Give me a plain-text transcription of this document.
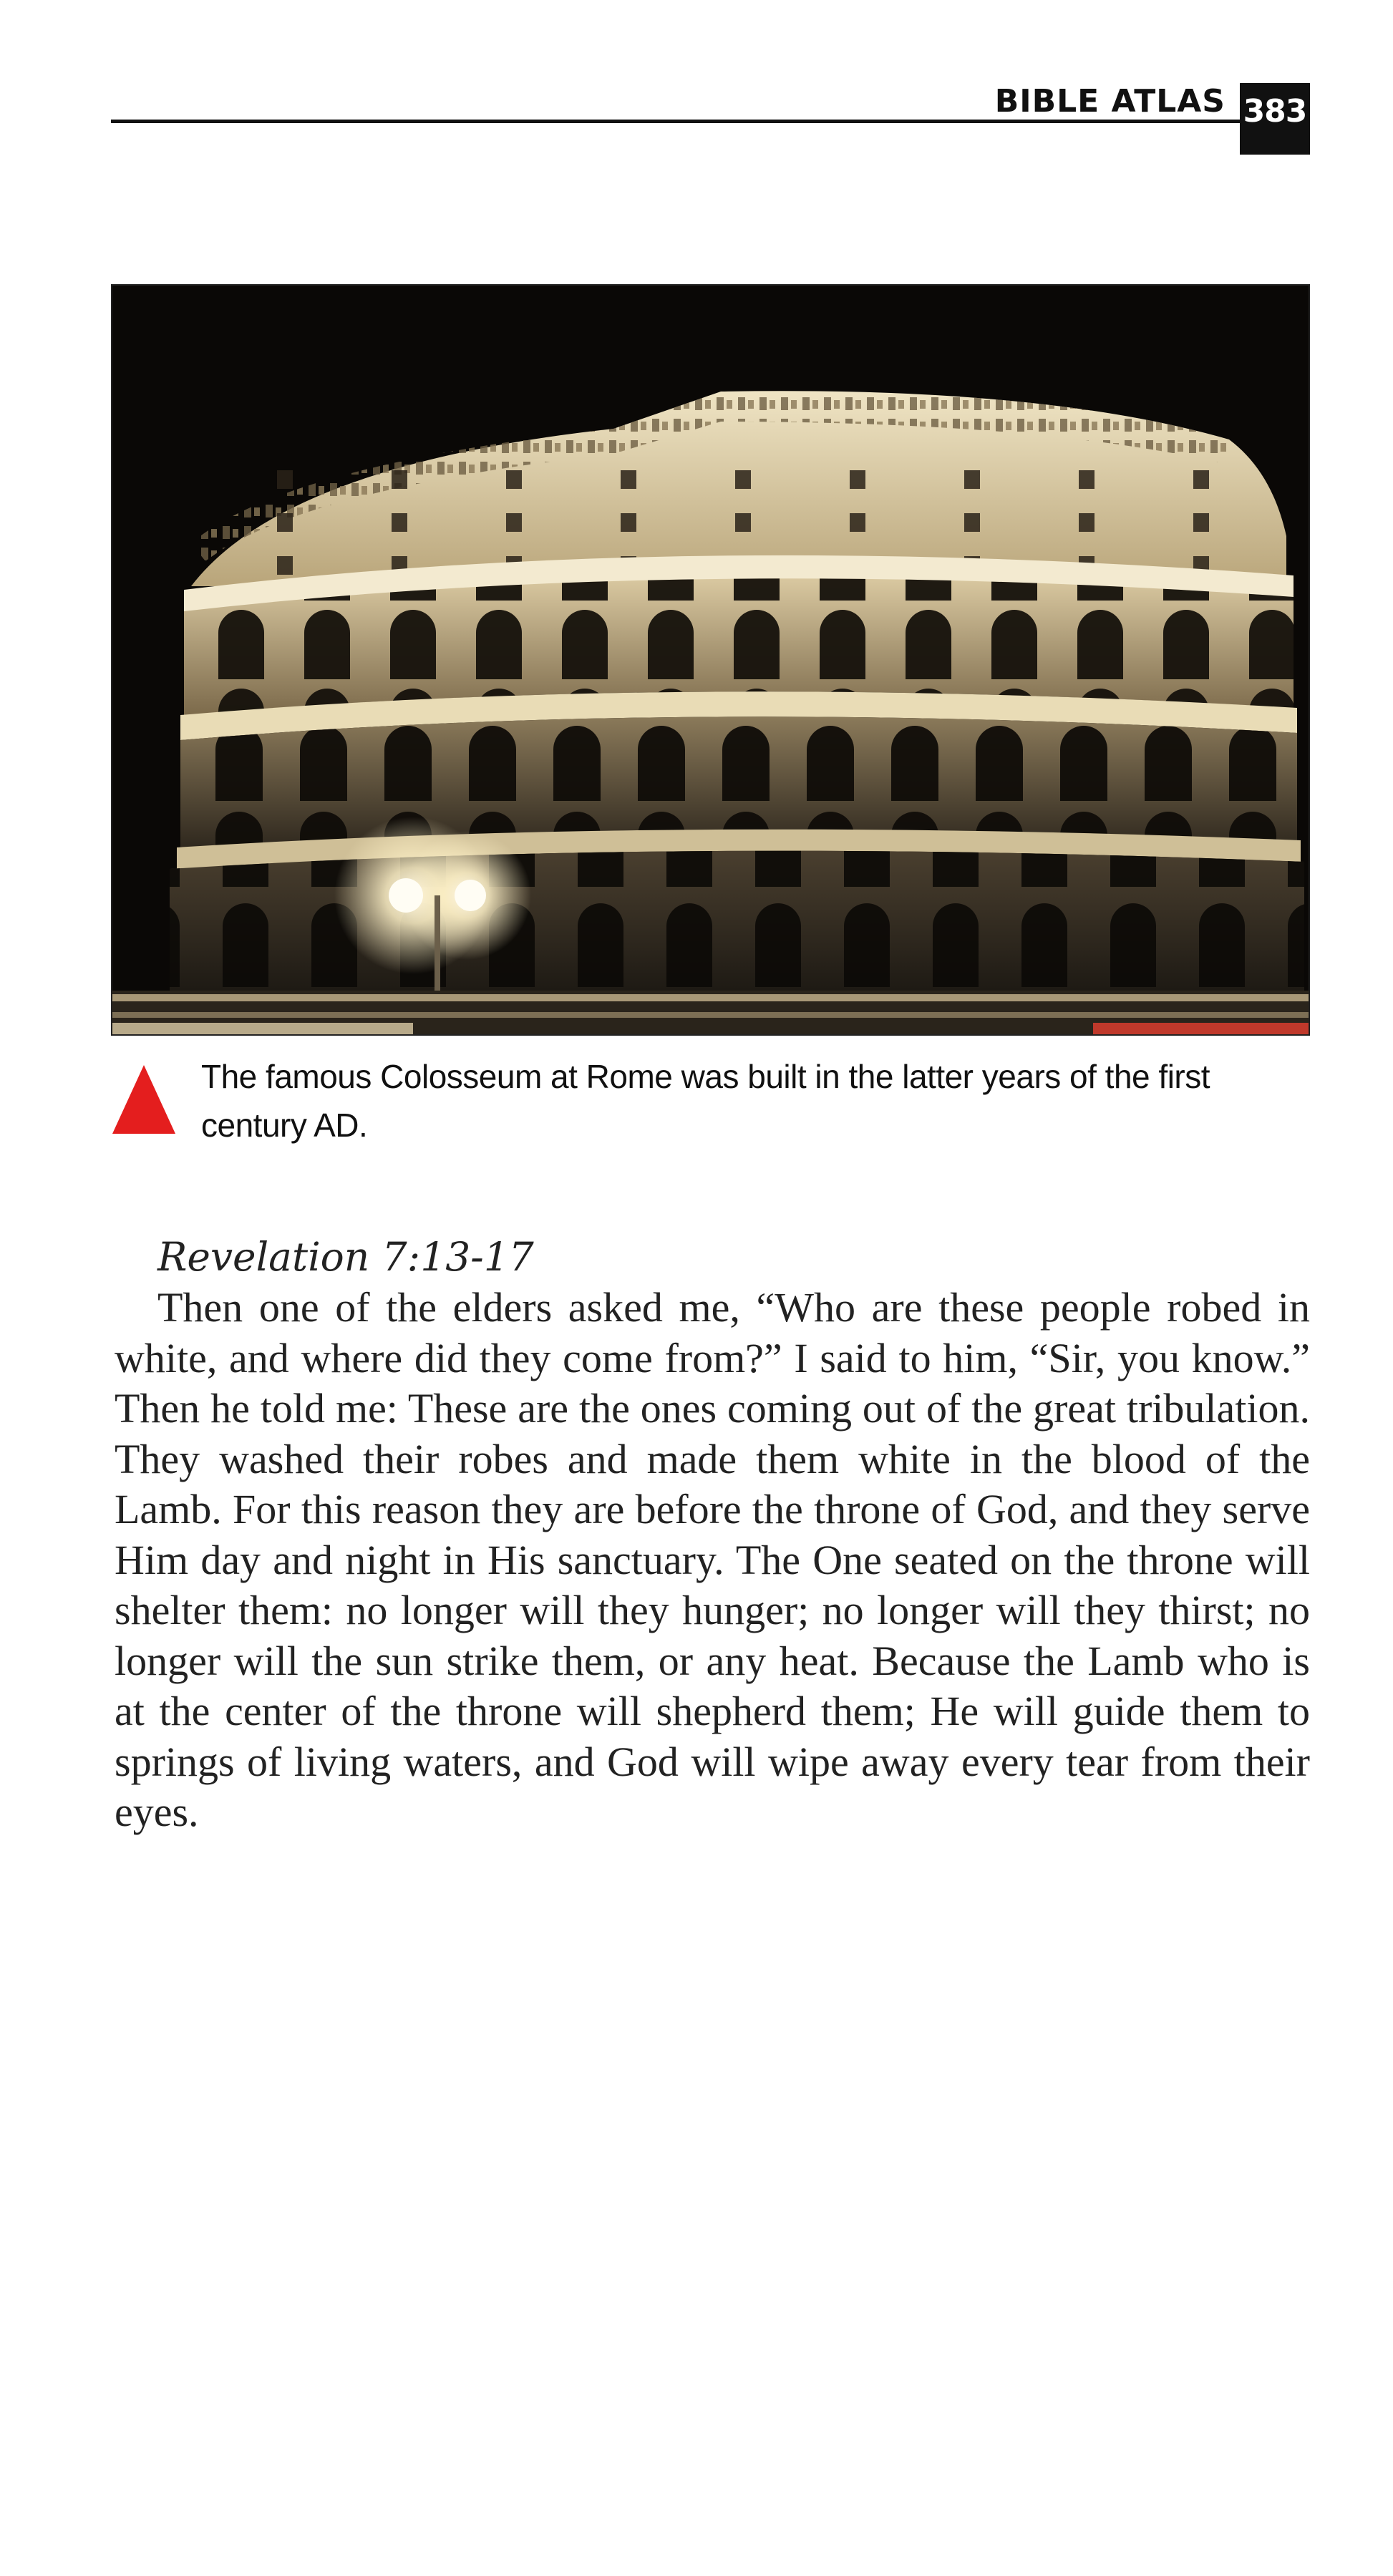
BIBLE ATLAS 383
The famous Colosseum at Rome was built in the latter years of the first century AD.

Revelation 7:13-17

Then one of the elders asked me, “Who are these people robed in white, and where did they come from?” I said to him, “Sir, you know.” Then he told me: These are the ones coming out of the great tribulation. They washed their robes and made them white in the blood of the Lamb. For this reason they are before the throne of God, and they serve Him day and night in His sanctuary. The One seated on the throne will shelter them: no longer will they hunger; no longer will they thirst; no longer will the sun strike them, or any heat. Because the Lamb who is at the center of the throne will shepherd them; He will guide them to springs of living waters, and God will wipe away every tear from their eyes.
